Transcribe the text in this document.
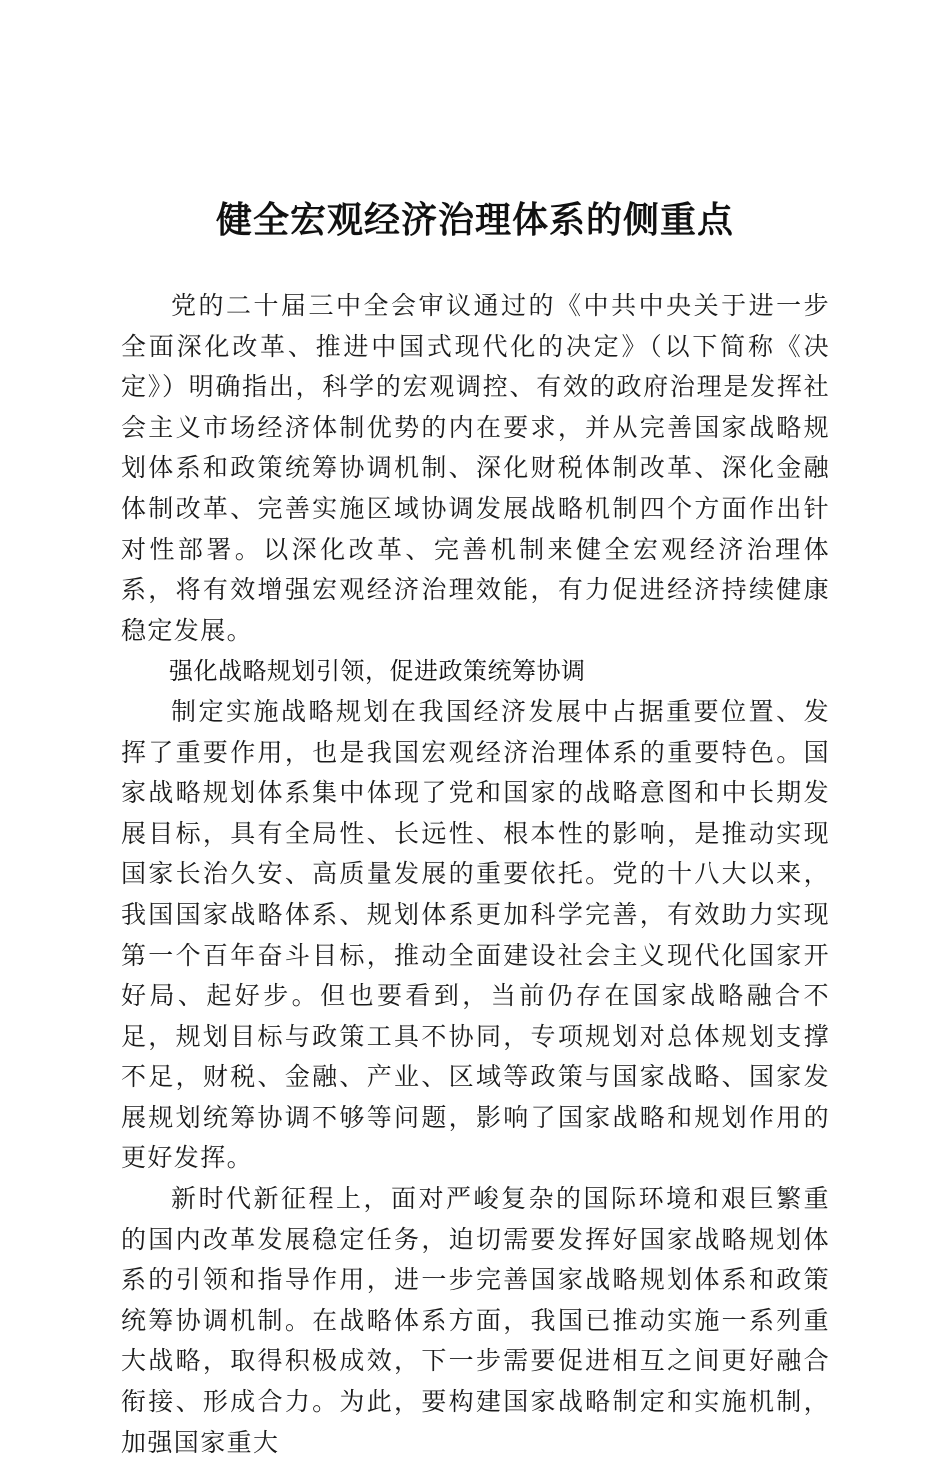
健全宏观经济治理体系的侧重点

党的二十届三中全会审议通过的《中共中央关于进一步全面深化改革、推进中国式现代化的决定》（以下简称《决定》）明确指出，科学的宏观调控、有效的政府治理是发挥社会主义市场经济体制优势的内在要求，并从完善国家战略规划体系和政策统筹协调机制、深化财税体制改革、深化金融体制改革、完善实施区域协调发展战略机制四个方面作出针对性部署。以深化改革、完善机制来健全宏观经济治理体系，将有效增强宏观经济治理效能，有力促进经济持续健康稳定发展。

强化战略规划引领，促进政策统筹协调

制定实施战略规划在我国经济发展中占据重要位置、发挥了重要作用，也是我国宏观经济治理体系的重要特色。国家战略规划体系集中体现了党和国家的战略意图和中长期发展目标，具有全局性、长远性、根本性的影响，是推动实现国家长治久安、高质量发展的重要依托。党的十八大以来，我国国家战略体系、规划体系更加科学完善，有效助力实现第一个百年奋斗目标，推动全面建设社会主义现代化国家开好局、起好步。但也要看到，当前仍存在国家战略融合不足，规划目标与政策工具不协同，专项规划对总体规划支撑不足，财税、金融、产业、区域等政策与国家战略、国家发展规划统筹协调不够等问题，影响了国家战略和规划作用的更好发挥。

新时代新征程上，面对严峻复杂的国际环境和艰巨繁重的国内改革发展稳定任务，迫切需要发挥好国家战略规划体系的引领和指导作用，进一步完善国家战略规划体系和政策统筹协调机制。在战略体系方面，我国已推动实施一系列重大战略，取得积极成效，下一步需要促进相互之间更好融合衔接、形成合力。为此，要构建国家战略制定和实施机制，加强国家重大
